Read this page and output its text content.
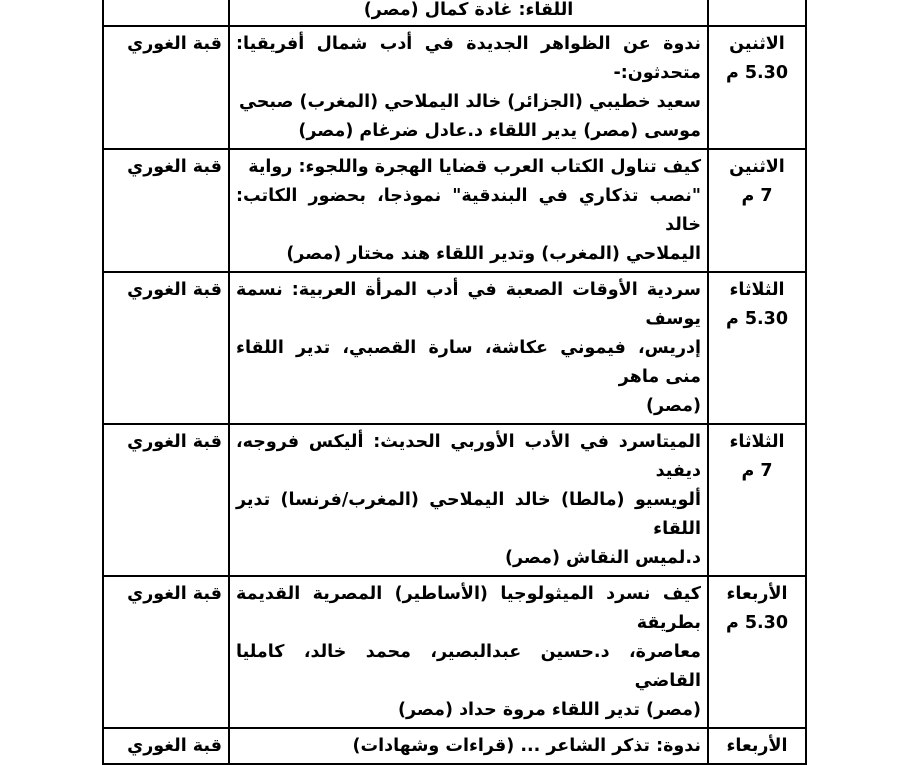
	اللقاء: غادة كمال (مصر)	

الاثنين
5.30 م	ندوة عن الظواهر الجديدة في أدب شمال أفريقيا: متحدثون:-
سعيد خطيبي (الجزائر) خالد اليملاحي (المغرب) صبحي
موسى (مصر) يدير اللقاء د.عادل ضرغام (مصر)	قبة الغوري

الاثنين
7 م	كيف تناول الكتاب العرب قضايا الهجرة واللجوء: رواية
"نصب تذكاري في البندقية" نموذجا، بحضور الكاتب: خالد
اليملاحي (المغرب) وتدير اللقاء هند مختار (مصر)	قبة الغوري

الثلاثاء
5.30 م	سردية الأوقات الصعبة في أدب المرأة العربية: نسمة يوسف
إدريس، فيموني عكاشة، سارة القصبي، تدير اللقاء منى ماهر
(مصر)	قبة الغوري

الثلاثاء
7 م	الميتاسرد في الأدب الأوربي الحديث: أليكس فروجه، ديفيد
ألويسيو (مالطا) خالد اليملاحي (المغرب/فرنسا) تدير اللقاء
د.لميس النقاش (مصر)	قبة الغوري

الأربعاء
5.30 م	كيف نسرد الميثولوجيا (الأساطير) المصرية القديمة بطريقة
معاصرة، د.حسين عبدالبصير، محمد خالد، كامليا القاضي
(مصر) تدير اللقاء مروة حداد (مصر)	قبة الغوري

الأربعاء	ندوة: تذكر الشاعر ... (قراءات وشهادات)	قبة الغوري
